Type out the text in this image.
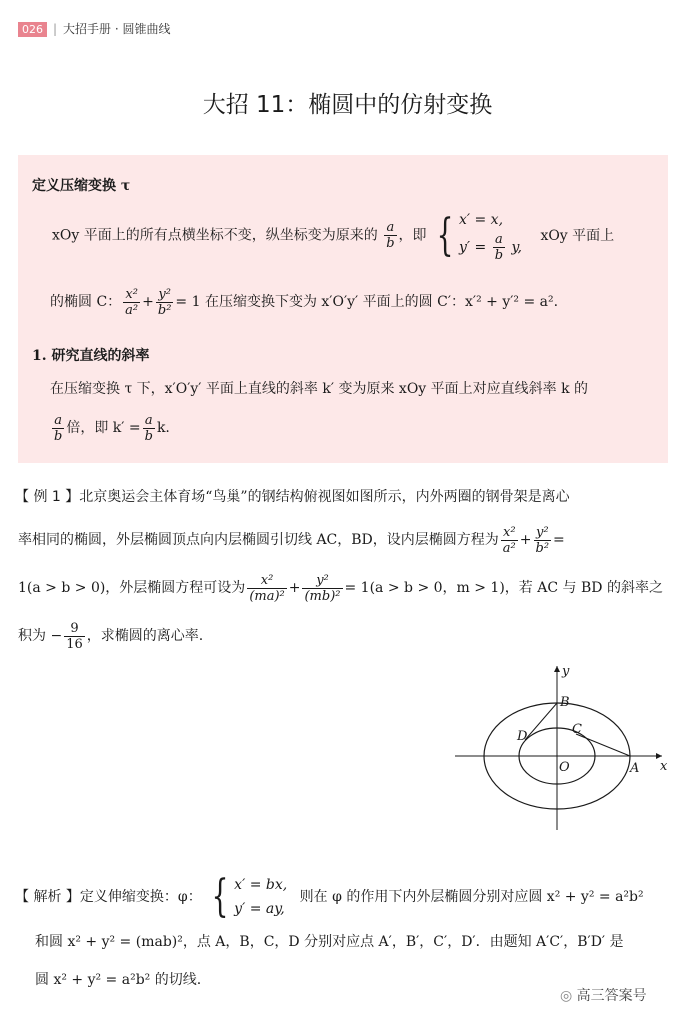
026 | 大招手册 · 圆锥曲线
大招 11：椭圆中的仿射变换
定义压缩变换 τ
xOy 平面上的所有点横坐标不变，纵坐标变为原来的 $\frac{a}{b}$ ，即 { x′ = x,
$y' = \frac{a}{b} y$,
xOy 平面上
的椭圆 C： $\frac{\text{x²}}{\text{a²}} + \frac{\text{y²}}{\text{b²}} = 1$ 在压缩变换下变为 x′O′y′ 平面上的圆 C′：x′² + y′² = a².
1. 研究直线的斜率
在压缩变换 τ 下，x′O′y′ 平面上直线的斜率 k′ 变为原来 xOy 平面上对应直线斜率 k 的
$\frac{a}{b}$ 倍，即 $k' = \frac{a}{b} k$.
【 例 1 】北京奥运会主体育场“鸟巢”的钢结构俯视图如图所示，内外两圈的钢骨架是离心
率相同的椭圆，外层椭圆顶点向内层椭圆引切线 AC，BD，设内层椭圆方程为 $\frac{\text{x²}}{\text{a²}} + \frac{\text{y²}}{\text{b²}}$ =
1(a > b > 0)，外层椭圆方程可设为 $\frac{\text{x²}}{\text{(ma)²}} + \frac{\text{y²}}{\text{(mb)²}} = 1(a > b > 0$，m > 1)，若 AC 与 BD 的斜率之
积为 − $\frac{9}{16}$ ，求椭圆的离心率.
y
x
B
C
D
O	A
【 解析 】定义伸缩变换：φ： { x′ = bx,
y′ = ay,
则在 φ 的作用下内外层椭圆分别对应圆 x² + y² = a²b²
和圆 x² + y² = (mab)²，点 A，B，C，D 分别对应点 A′，B′，C′，D′．由题知 A′C′，B′D′ 是
圆 x² + y² = a²b² 的切线.
◎ 高三答案号
